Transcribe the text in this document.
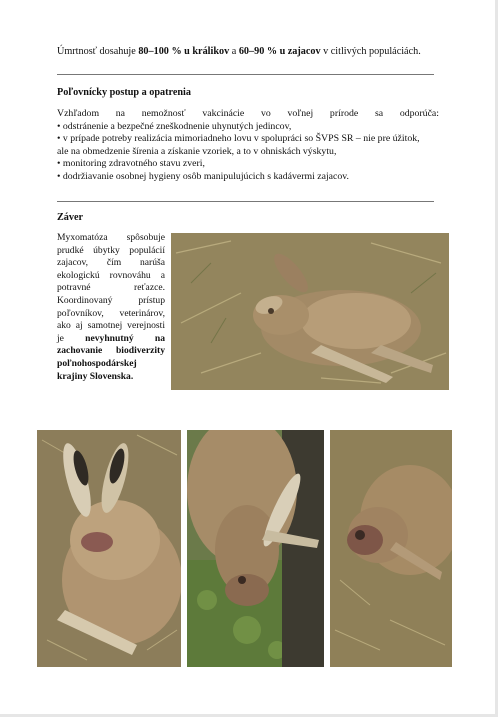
Úmrtnosť dosahuje 80–100 % u králikov a 60–90 % u zajacov v citlivých populáciách.

Poľovnícky postup a opatrenia
Vzhľadom na nemožnosť vakcinácie vo voľnej prírode sa odporúča:
• odstránenie a bezpečné zneškodnenie uhynutých jedincov,
• v prípade potreby realizácia mimoriadneho lovu v spolupráci so ŠVPS SR – nie pre úžitok,
ale na obmedzenie šírenia a získanie vzoriek, a to v ohniskách výskytu,
• monitoring zdravotného stavu zveri,
• dodržiavanie osobnej hygieny osôb manipulujúcich s kadávermi zajacov.
Záver
Myxomatóza spôsobuje prudké úbytky populácií zajacov, čím narúša ekologickú rovnováhu a potravné reťazce. Koordinovaný prístup poľovníkov, veterinárov, ako aj samotnej verejnosti je nevyhnutný na zachovanie biodiverzity poľnohospodárskej krajiny Slovenska.
